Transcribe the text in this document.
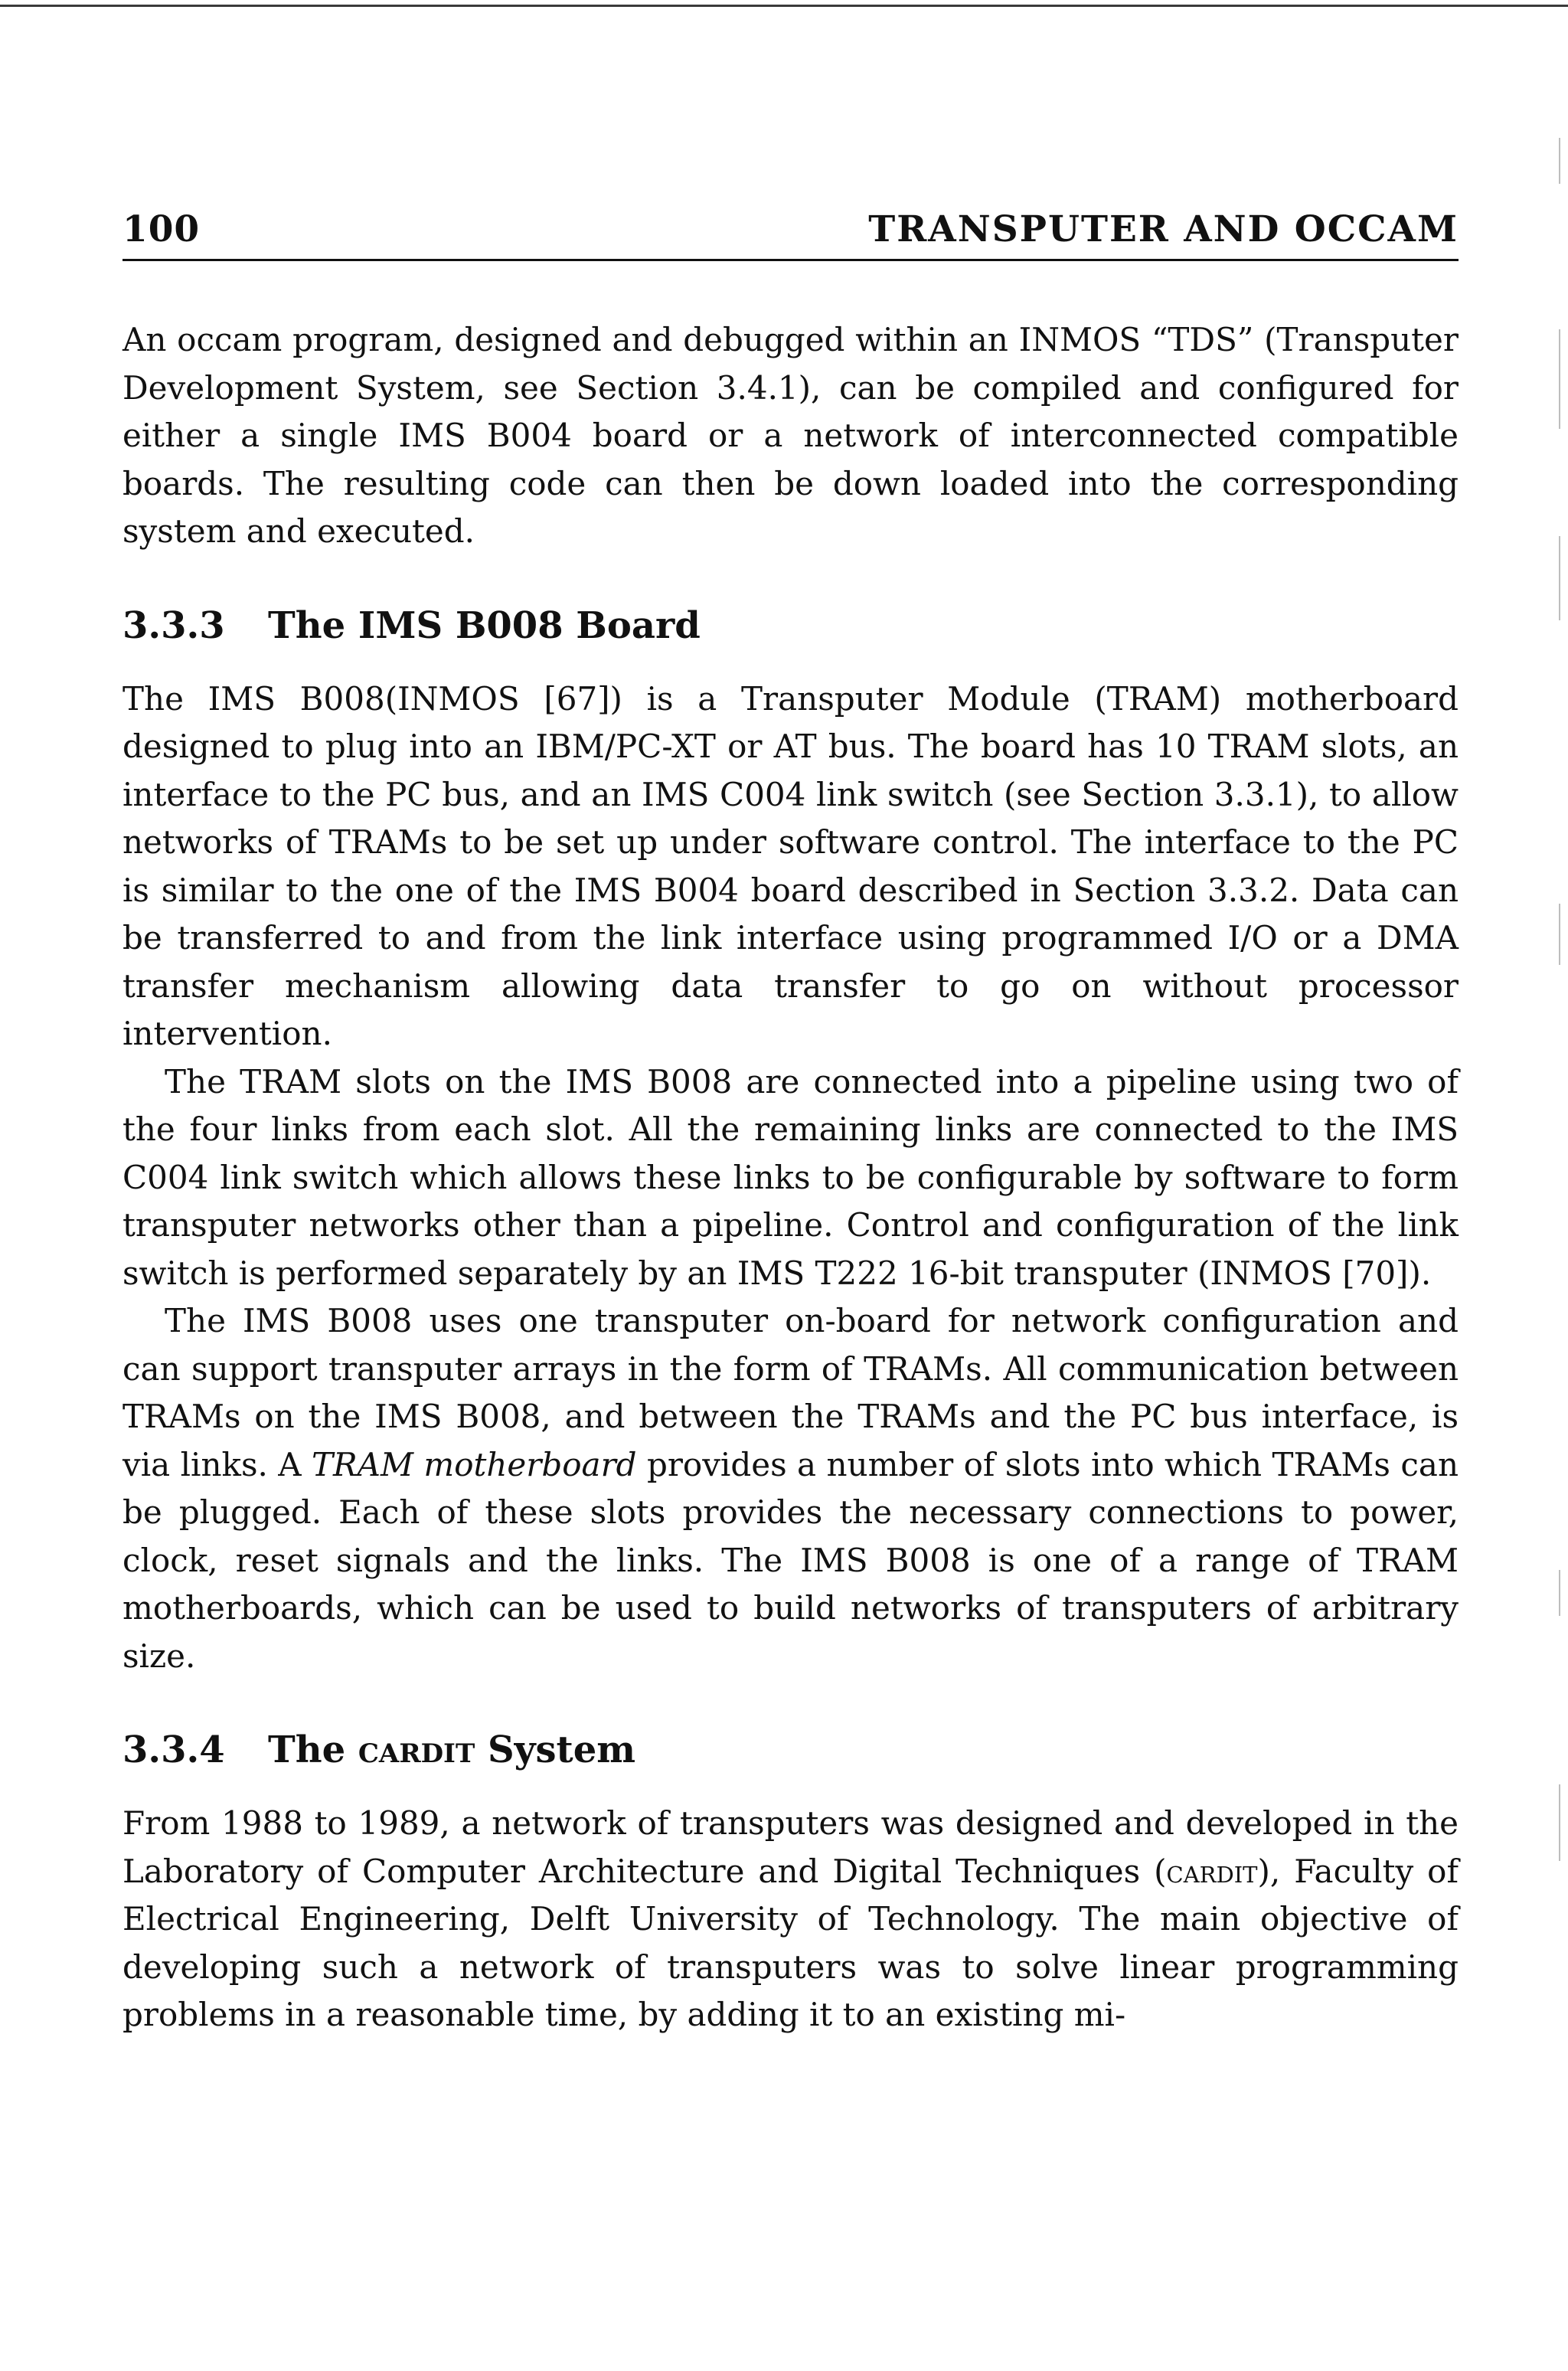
100	TRANSPUTER AND OCCAM

An occam program, designed and debugged within an INMOS “TDS” (Transputer Development System, see Section 3.4.1), can be compiled and configured for either a single IMS B004 board or a network of interconnected compatible boards. The resulting code can then be down loaded into the corresponding system and executed.

3.3.3 The IMS B008 Board

The IMS B008(INMOS [67]) is a Transputer Module (TRAM) motherboard designed to plug into an IBM/PC-XT or AT bus. The board has 10 TRAM slots, an interface to the PC bus, and an IMS C004 link switch (see Section 3.3.1), to allow networks of TRAMs to be set up under software control. The interface to the PC is similar to the one of the IMS B004 board described in Section 3.3.2. Data can be transferred to and from the link interface using programmed I/O or a DMA transfer mechanism allowing data transfer to go on without processor intervention.

The TRAM slots on the IMS B008 are connected into a pipeline using two of the four links from each slot. All the remaining links are connected to the IMS C004 link switch which allows these links to be configurable by software to form transputer networks other than a pipeline. Control and configuration of the link switch is performed separately by an IMS T222 16-bit transputer (INMOS [70]).

The IMS B008 uses one transputer on-board for network configuration and can support transputer arrays in the form of TRAMs. All communication between TRAMs on the IMS B008, and between the TRAMs and the PC bus interface, is via links. A TRAM motherboard provides a number of slots into which TRAMs can be plugged. Each of these slots provides the necessary connections to power, clock, reset signals and the links. The IMS B008 is one of a range of TRAM motherboards, which can be used to build networks of transputers of arbitrary size.

3.3.4 The cardit System

From 1988 to 1989, a network of transputers was designed and developed in the Laboratory of Computer Architecture and Digital Techniques (cardit), Faculty of Electrical Engineering, Delft University of Technology. The main objective of developing such a network of transputers was to solve linear programming problems in a reasonable time, by adding it to an existing mi-
